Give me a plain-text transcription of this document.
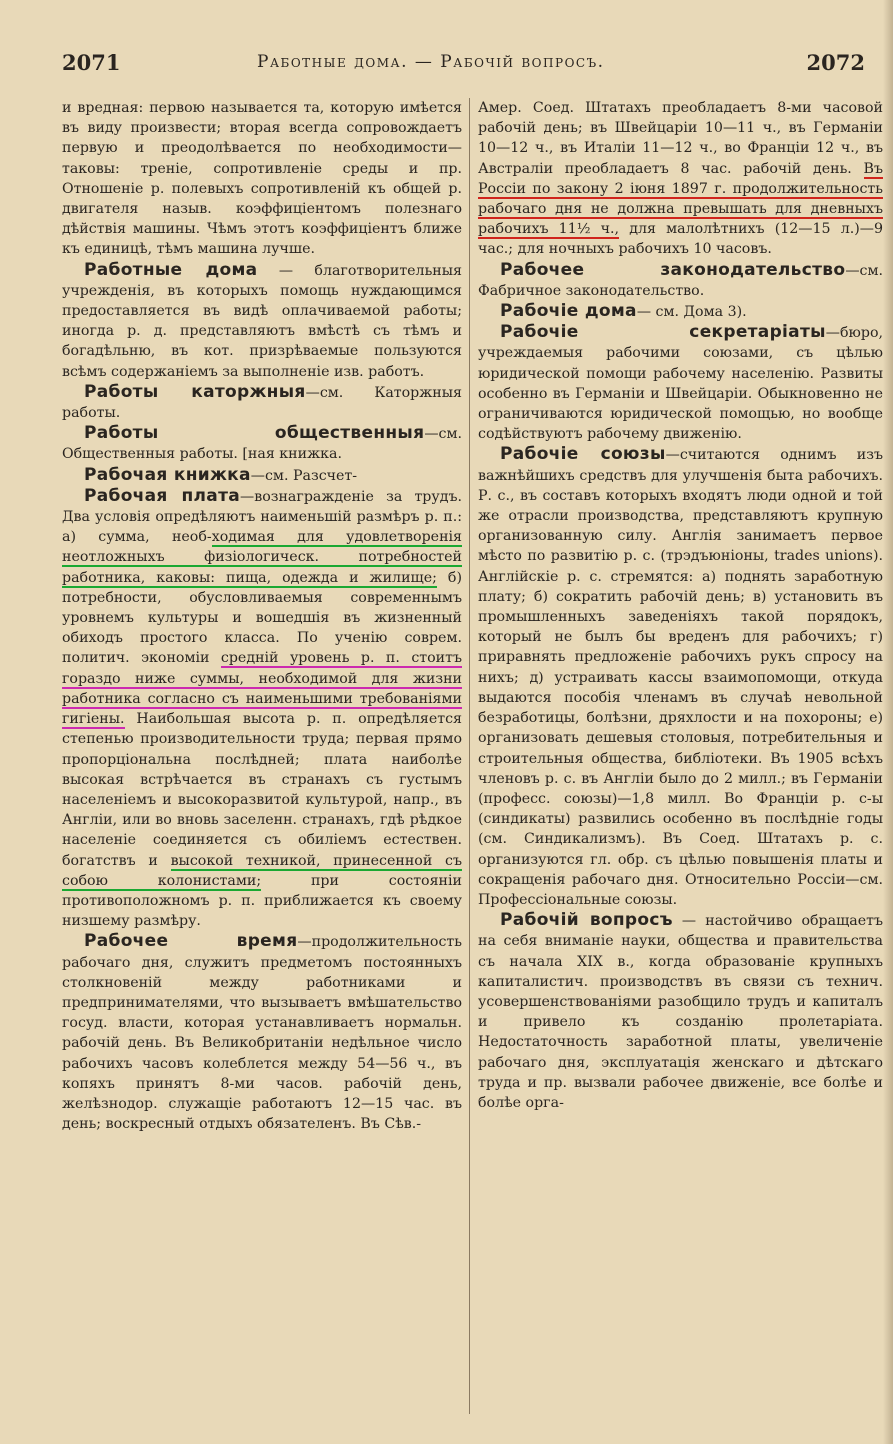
2071	Работные дома. — Рабочій вопросъ.	2072

и вредная: первою называется та, которую имѣется въ виду произвести; вторая всегда сопровождаетъ первую и преодолѣвается по необходимости—таковы: треніе, сопротивленіе среды и пр. Отношеніе р. полевыхъ сопротивленій къ общей р. двигателя назыв. коэффиціентомъ полезнаго дѣйствія машины. Чѣмъ этотъ коэффиціентъ ближе къ единицѣ, тѣмъ машина лучше.

Работные дома — благотворительныя учрежденія, въ которыхъ помощь нуждающимся предоставляется въ видѣ оплачиваемой работы; иногда р. д. представляютъ вмѣстѣ съ тѣмъ и богадѣльню, въ кот. призрѣваемые пользуются всѣмъ содержаніемъ за выполненіе изв. работъ.

Работы каторжныя—см. Каторжныя работы.

Работы общественныя—см. Общественныя работы. [ная книжка.

Рабочая книжка—см. Разсчет-

Рабочая плата—вознагражденіе за трудъ. Два условія опредѣляютъ наименьшій размѣръ р. п.: а) сумма, необ-ходимая для удовлетворенія неотложныхъ физіологическ. потребностей работника, каковы: пища, одежда и жилище; б) потребности, обусловливаемыя современнымъ уровнемъ культуры и вошедшія въ жизненный обиходъ простого класса. По ученію соврем. политич. экономіи средній уровень р. п. стоитъ гораздо ниже суммы, необходимой для жизни работника согласно съ наименьшими требованіями гигіены. Наибольшая высота р. п. опредѣляется степенью производительности труда; первая прямо пропорціональна послѣдней; плата наиболѣе высокая встрѣчается въ странахъ съ густымъ населеніемъ и высокоразвитой культурой, напр., въ Англіи, или во вновь заселенн. странахъ, гдѣ рѣдкое населеніе соединяется съ обиліемъ естествен. богатствъ и высокой техникой, принесенной съ собою колонистами; при состояніи противоположномъ р. п. приближается къ своему низшему размѣру.

Рабочее время—продолжительность рабочаго дня, служитъ предметомъ постоянныхъ столкновеній между работниками и предпринимателями, что вызываетъ вмѣшательство госуд. власти, которая устанавливаетъ нормальн. рабочій день. Въ Великобританіи недѣльное число рабочихъ часовъ колеблется между 54—56 ч., въ копяхъ принятъ 8-ми часов. рабочій день, желѣзнодор. служащіе работаютъ 12—15 час. въ день; воскресный отдыхъ обязателенъ. Въ Сѣв.-

Амер. Соед. Штатахъ преобладаетъ 8-ми часовой рабочій день; въ Швейцаріи 10—11 ч., въ Германіи 10—12 ч., въ Италіи 11—12 ч., во Франціи 12 ч., въ Австраліи преобладаетъ 8 час. рабочій день. Въ Россіи по закону 2 іюня 1897 г. продолжительность рабочаго дня не должна превышать для дневныхъ рабочихъ 11½ ч., для малолѣтнихъ (12—15 л.)—9 час.; для ночныхъ рабочихъ 10 часовъ.

Рабочее законодательство—см. Фабричное законодательство.

Рабочіе дома— см. Дома 3).

Рабочіе секретаріаты—бюро, учреждаемыя рабочими союзами, съ цѣлью юридической помощи рабочему населенію. Развиты особенно въ Германіи и Швейцаріи. Обыкновенно не ограничиваются юридической помощью, но вообще содѣйствуютъ рабочему движенію.

Рабочіе союзы—считаются однимъ изъ важнѣйшихъ средствъ для улучшенія быта рабочихъ. Р. с., въ составъ которыхъ входятъ люди одной и той же отрасли производства, представляютъ крупную организованную силу. Англія занимаетъ первое мѣсто по развитію р. с. (трэдъюніоны, trades unions). Англійскіе р. с. стремятся: а) поднять заработную плату; б) сократить рабочій день; в) установить въ промышленныхъ заведеніяхъ такой порядокъ, который не былъ бы вреденъ для рабочихъ; г) приравнять предложеніе рабочихъ рукъ спросу на нихъ; д) устраивать кассы взаимопомощи, откуда выдаются пособія членамъ въ случаѣ невольной безработицы, болѣзни, дряхлости и на похороны; е) организовать дешевыя столовыя, потребительныя и строительныя общества, библіотеки. Въ 1905 всѣхъ членовъ р. с. въ Англіи было до 2 милл.; въ Германіи (професс. союзы)—1,8 милл. Во Франціи р. с-ы (синдикаты) развились особенно въ послѣдніе годы (см. Синдикализмъ). Въ Соед. Штатахъ р. с. организуются гл. обр. съ цѣлью повышенія платы и сокращенія рабочаго дня. Относительно Россіи—см. Профессіональные союзы.

Рабочій вопросъ — настойчиво обращаетъ на себя вниманіе науки, общества и правительства съ начала XIX в., когда образованіе крупныхъ капиталистич. производствъ въ связи съ технич. усовершенствованіями разобщило трудъ и капиталъ и привело къ созданію пролетаріата. Недостаточность заработной платы, увеличеніе рабочаго дня, эксплуатація женскаго и дѣтскаго труда и пр. вызвали рабочее движеніе, все болѣе и болѣе орга-
